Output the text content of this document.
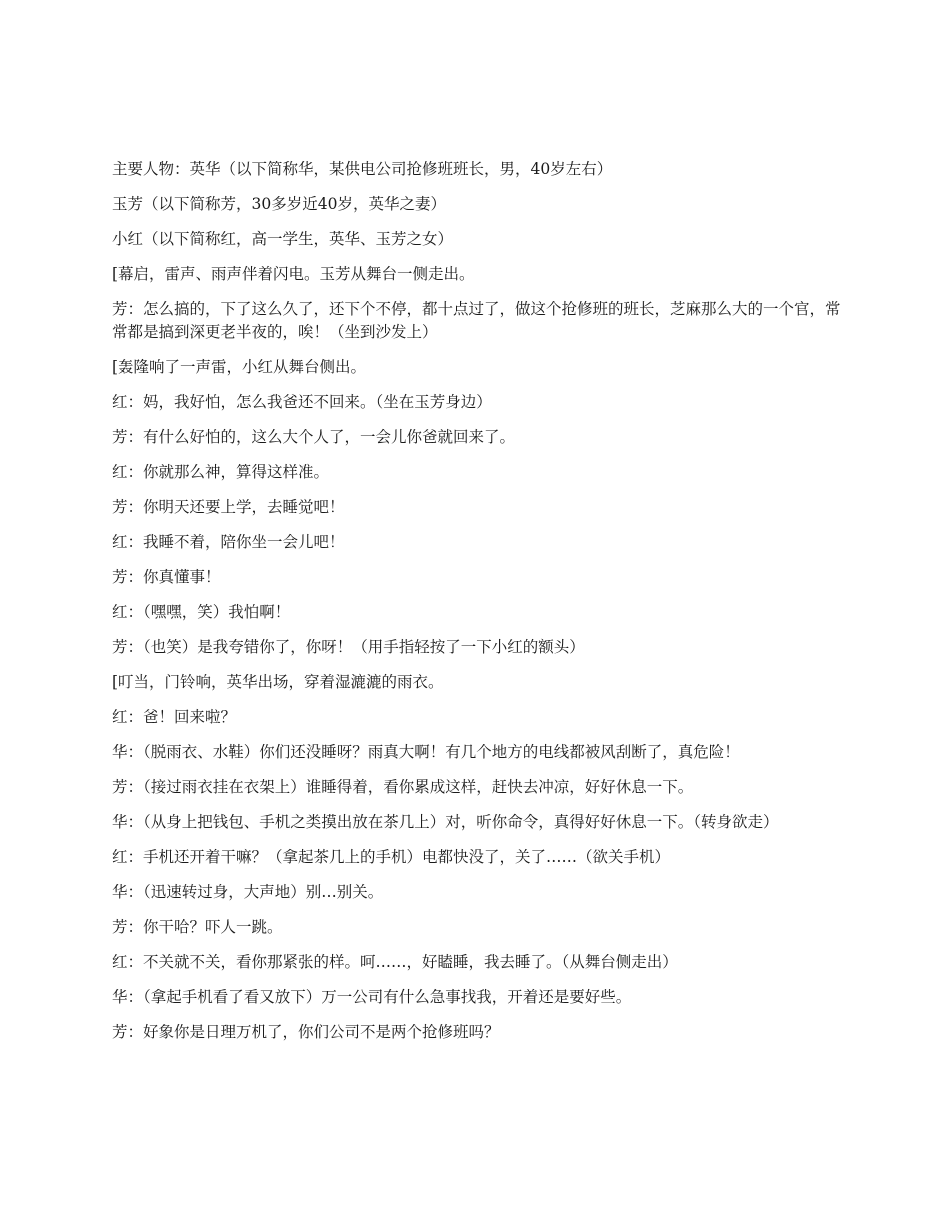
主要人物：英华（以下简称华，某供电公司抢修班班长，男，40岁左右）

玉芳（以下简称芳，30多岁近40岁，英华之妻）

小红（以下简称红，高一学生，英华、玉芳之女）

[幕启，雷声、雨声伴着闪电。玉芳从舞台一侧走出。

芳：怎么搞的，下了这么久了，还下个不停，都十点过了，做这个抢修班的班长，芝麻那么大的一个官，常常都是搞到深更老半夜的，唉！（坐到沙发上）

[轰隆响了一声雷，小红从舞台侧出。

红：妈，我好怕，怎么我爸还不回来。（坐在玉芳身边）

芳：有什么好怕的，这么大个人了，一会儿你爸就回来了。

红：你就那么神，算得这样准。

芳：你明天还要上学，去睡觉吧！

红：我睡不着，陪你坐一会儿吧！

芳：你真懂事！

红：（嘿嘿，笑）我怕啊！

芳：（也笑）是我夸错你了，你呀！（用手指轻按了一下小红的额头）

[叮当，门铃响，英华出场，穿着湿漉漉的雨衣。

红：爸！回来啦？

华：（脱雨衣、水鞋）你们还没睡呀？雨真大啊！有几个地方的电线都被风刮断了，真危险！

芳：（接过雨衣挂在衣架上）谁睡得着，看你累成这样，赶快去冲凉，好好休息一下。

华：（从身上把钱包、手机之类摸出放在茶几上）对，听你命令，真得好好休息一下。（转身欲走）

红：手机还开着干嘛？（拿起茶几上的手机）电都快没了，关了……（欲关手机）

华：（迅速转过身，大声地）别…别关。

芳：你干哈？吓人一跳。

红：不关就不关，看你那紧张的样。呵……，好瞌睡，我去睡了。（从舞台侧走出）

华：（拿起手机看了看又放下）万一公司有什么急事找我，开着还是要好些。

芳：好象你是日理万机了，你们公司不是两个抢修班吗？
